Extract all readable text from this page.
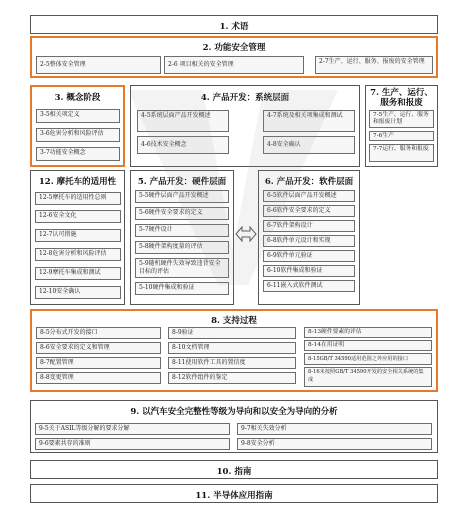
1. 术语
2. 功能安全管理
2-5整体安全管理	2-6 项目相关的安全管理	2-7生产、运行、服务、报废的安全管理
3. 概念阶段
3-5相关项定义
3-6危害分析和风险评估
3-7功能安全概念
4. 产品开发：系统层面
4-5系统层面产品开发概述
4-6技术安全概念
4-7系统及相关项集成和测试
4-8安全确认
7. 生产、运行、服务和报废
7-5生产、运行、服务和报废计划
7-6生产
7-7运行、服务和报废
12. 摩托车的适用性
12-5摩托车的适用性总则
12-6安全文化
12-7认可措施
12-8危害分析和风险评估
12-9摩托车集成和测试
12-10安全确认
5. 产品开发：硬件层面
5-5硬件层面产品开发概述
5-6硬件安全要求的定义
5-7硬件设计
5-8硬件架构度量的评估
5-9随机硬件失效导致违背安全目标的评估
5-10硬件集成和验证
6. 产品开发：软件层面
6-5软件层面产品开发概述
6-6软件安全要求的定义
6-7软件架构设计
6-8软件单元设计和实现
6-9软件单元验证
6-10软件集成和验证
6-11嵌入式软件测试
8. 支持过程
8-5分布式开发的接口
8-6安全要求的定义和管理
8-7配置管理
8-8变更管理
8-9验证
8-10文档管理
8-11使用软件工具的置信度
8-12软件组件的鉴定
8-13硬件要素的评估
8-14在用证明
8-15GB/T 34590适用范围之外应用的接口
8-16未按照GB/T 34590开发的安全相关系统的集成
9. 以汽车安全完整性等级为导向和以安全为导向的分析
9-5关于ASIL等级分解的要求分解
9-6要素共存的准则
9-7相关失效分析
9-8安全分析
10. 指南
11. 半导体应用指南
